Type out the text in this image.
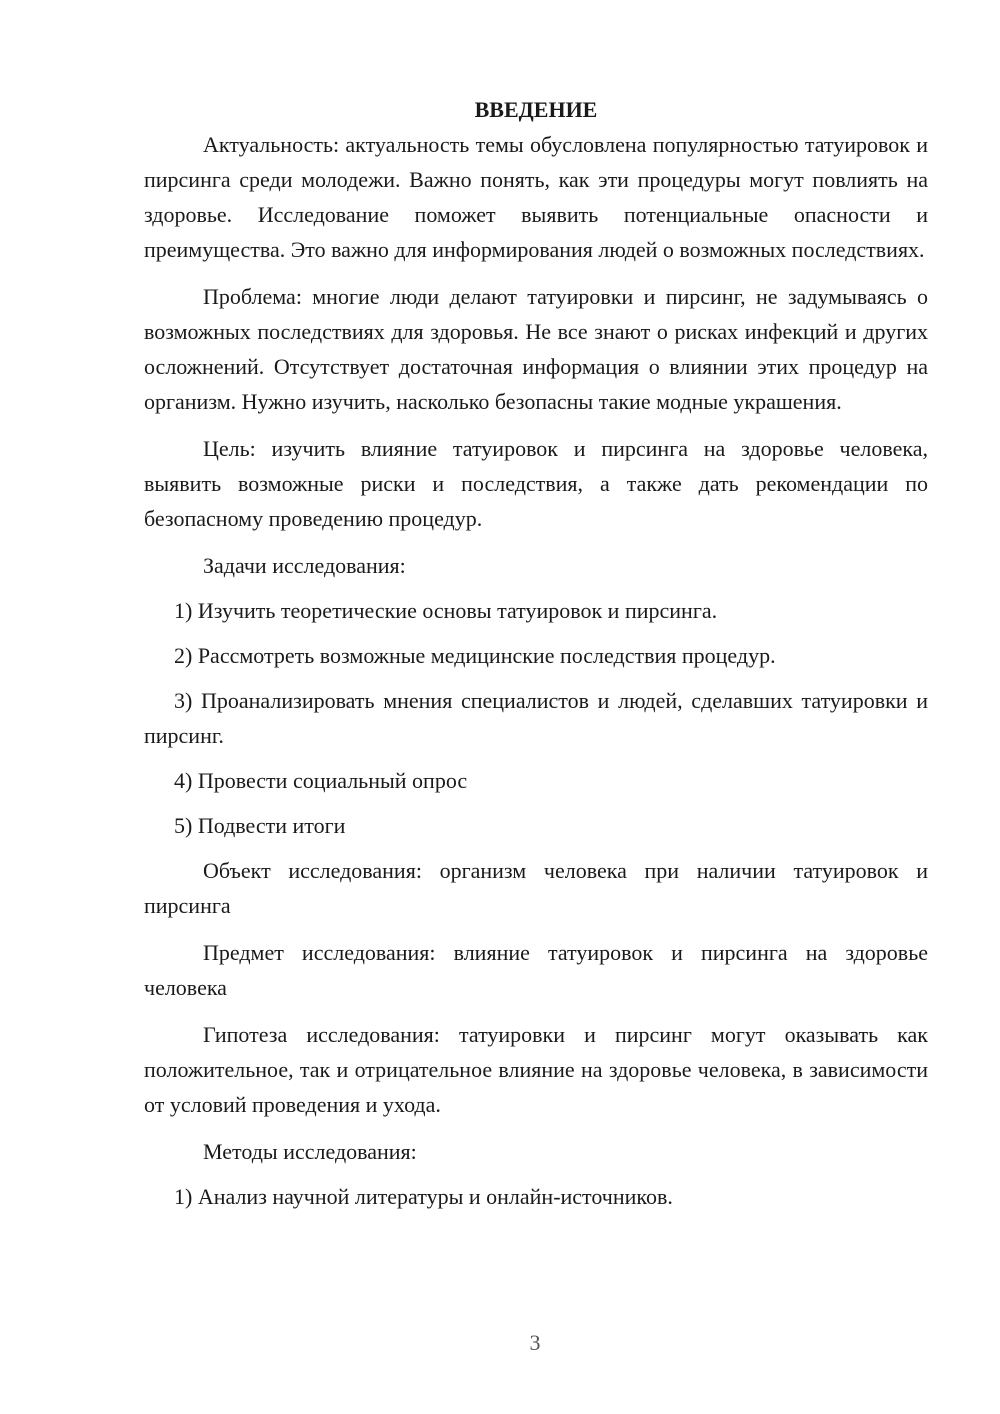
ВВЕДЕНИЕ

Актуальность: актуальность темы обусловлена популярностью татуировок и пирсинга среди молодежи. Важно понять, как эти процедуры могут повлиять на здоровье. Исследование поможет выявить потенциальные опасности и преимущества. Это важно для информирования людей о возможных последствиях.

Проблема: многие люди делают татуировки и пирсинг, не задумываясь о возможных последствиях для здоровья. Не все знают о рисках инфекций и других осложнений. Отсутствует достаточная информация о влиянии этих процедур на организм. Нужно изучить, насколько безопасны такие модные украшения.

Цель: изучить влияние татуировок и пирсинга на здоровье человека, выявить возможные риски и последствия, а также дать рекомендации по безопасному проведению процедур.

Задачи исследования:

1) Изучить теоретические основы татуировок и пирсинга.

2) Рассмотреть возможные медицинские последствия процедур.

3) Проанализировать мнения специалистов и людей, сделавших татуировки и пирсинг.

4) Провести социальный опрос

5) Подвести итоги

Объект исследования: организм человека при наличии татуировок и пирсинга

Предмет исследования: влияние татуировок и пирсинга на здоровье человека

Гипотеза исследования: татуировки и пирсинг могут оказывать как положительное, так и отрицательное влияние на здоровье человека, в зависимости от условий проведения и ухода.

Методы исследования:

1) Анализ научной литературы и онлайн-источников.

3
